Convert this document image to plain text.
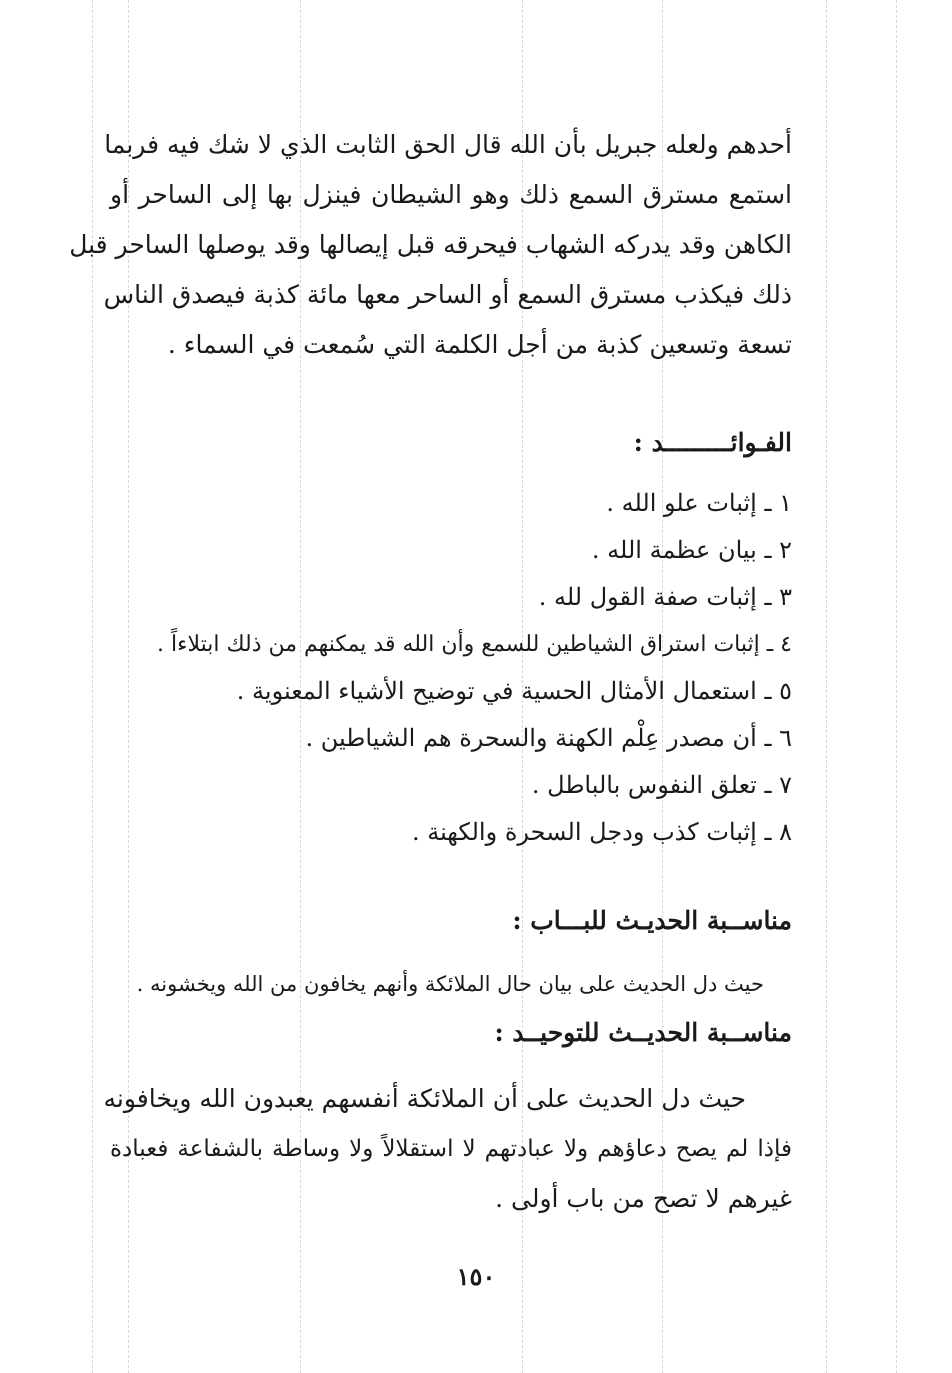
أحدهم ولعله جبريل بأن الله قال الحق الثابت الذي لا شك فيه فربما

استمع مسترق السمع ذلك وهو الشيطان فينزل بها إلى الساحر أو

الكاهن وقد يدركه الشهاب فيحرقه قبل إيصالها وقد يوصلها الساحر قبل

ذلك فيكذب مسترق السمع أو الساحر معها مائة كذبة فيصدق الناس

تسعة وتسعين كذبة من أجل الكلمة التي سُمعت في السماء .

الفـوائـــــــــد :
١ ـ إثبات علو الله .
٢ ـ بيان عظمة الله .
٣ ـ إثبات صفة القول لله .
٤ ـ إثبات استراق الشياطين للسمع وأن الله قد يمكنهم من ذلك ابتلاءاً .
٥ ـ استعمال الأمثال الحسية في توضيح الأشياء المعنوية .
٦ ـ أن مصدر عِلْم الكهنة والسحرة هم الشياطين .
٧ ـ تعلق النفوس بالباطل .
٨ ـ إثبات كذب ودجل السحرة والكهنة .
مناســبة الحديـث للبـــاب :

حيث دل الحديث على بيان حال الملائكة وأنهم يخافون من الله ويخشونه .

مناســبة الحديــث للتوحيــد :

حيث دل الحديث على أن الملائكة أنفسهم يعبدون الله ويخافونه

فإذا لم يصح دعاؤهم ولا عبادتهم لا استقلالاً ولا وساطة بالشفاعة فعبادة

غيرهم لا تصح من باب أولى .

١٥٠
